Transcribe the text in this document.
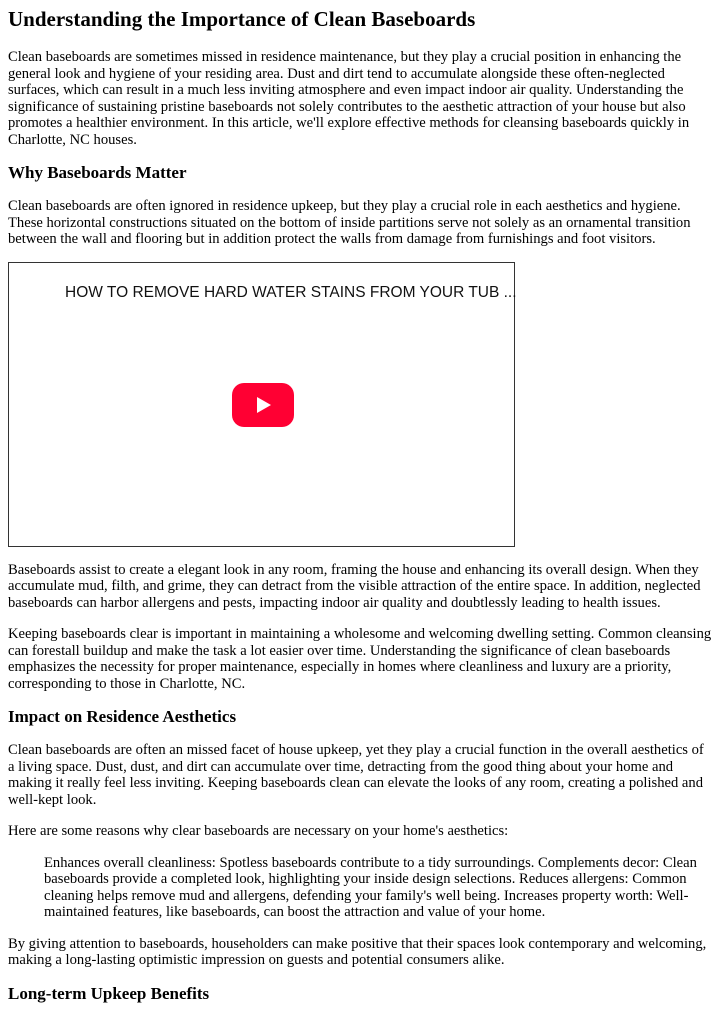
Understanding the Importance of Clean Baseboards

Clean baseboards are sometimes missed in residence maintenance, but they play a crucial position in enhancing the general look and hygiene of your residing area. Dust and dirt tend to accumulate alongside these often-neglected surfaces, which can result in a much less inviting atmosphere and even impact indoor air quality. Understanding the significance of sustaining pristine baseboards not solely contributes to the aesthetic attraction of your house but also promotes a healthier environment. In this article, we'll explore effective methods for cleansing baseboards quickly in Charlotte, NC houses.

Why Baseboards Matter

Clean baseboards are often ignored in residence upkeep, but they play a crucial role in each aesthetics and hygiene. These horizontal constructions situated on the bottom of inside partitions serve not solely as an ornamental transition between the wall and flooring but in addition protect the walls from damage from furnishings and foot visitors.

HOW TO REMOVE HARD WATER STAINS FROM YOUR TUB ...

Baseboards assist to create a elegant look in any room, framing the house and enhancing its overall design. When they accumulate mud, filth, and grime, they can detract from the visible attraction of the entire space. In addition, neglected baseboards can harbor allergens and pests, impacting indoor air quality and doubtlessly leading to health issues.

Keeping baseboards clear is important in maintaining a wholesome and welcoming dwelling setting. Common cleansing can forestall buildup and make the task a lot easier over time. Understanding the significance of clean baseboards emphasizes the necessity for proper maintenance, especially in homes where cleanliness and luxury are a priority, corresponding to those in Charlotte, NC.

Impact on Residence Aesthetics

Clean baseboards are often an missed facet of house upkeep, yet they play a crucial function in the overall aesthetics of a living space. Dust, dust, and dirt can accumulate over time, detracting from the good thing about your home and making it really feel less inviting. Keeping baseboards clean can elevate the looks of any room, creating a polished and well-kept look.

Here are some reasons why clear baseboards are necessary on your home's aesthetics:

Enhances overall cleanliness: Spotless baseboards contribute to a tidy surroundings. Complements decor: Clean baseboards provide a completed look, highlighting your inside design selections. Reduces allergens: Common cleaning helps remove mud and allergens, defending your family's well being. Increases property worth: Well-maintained features, like baseboards, can boost the attraction and value of your home.

By giving attention to baseboards, householders can make positive that their spaces look contemporary and welcoming, making a long-lasting optimistic impression on guests and potential consumers alike.

Long-term Upkeep Benefits
